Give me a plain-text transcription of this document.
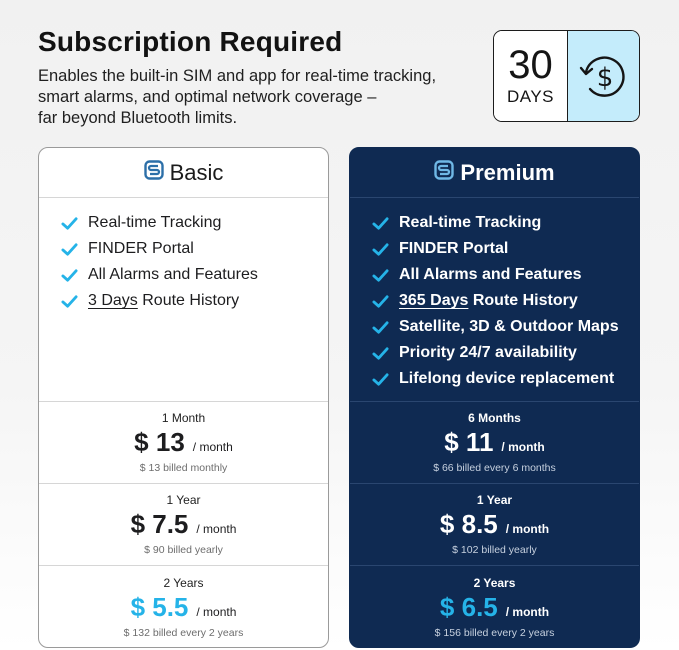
Subscription Required
Enables the built-in SIM and app for real-time tracking,
smart alarms, and optimal network coverage –
far beyond Bluetooth limits.
30
DAYS
$
Basic
Real-time Tracking
FINDER Portal
All Alarms and Features
3 Days Route History
1 Month
$ 13 / month
$ 13 billed monthly
1 Year
$ 7.5 / month
$ 90 billed yearly
2 Years
$ 5.5 / month
$ 132 billed every 2 years
Premium
Real-time Tracking
FINDER Portal
All Alarms and Features
365 Days Route History
Satellite, 3D & Outdoor Maps
Priority 24/7 availability
Lifelong device replacement
6 Months
$ 11 / month
$ 66 billed every 6 months
1 Year
$ 8.5 / month
$ 102 billed yearly
2 Years
$ 6.5 / month
$ 156 billed every 2 years
